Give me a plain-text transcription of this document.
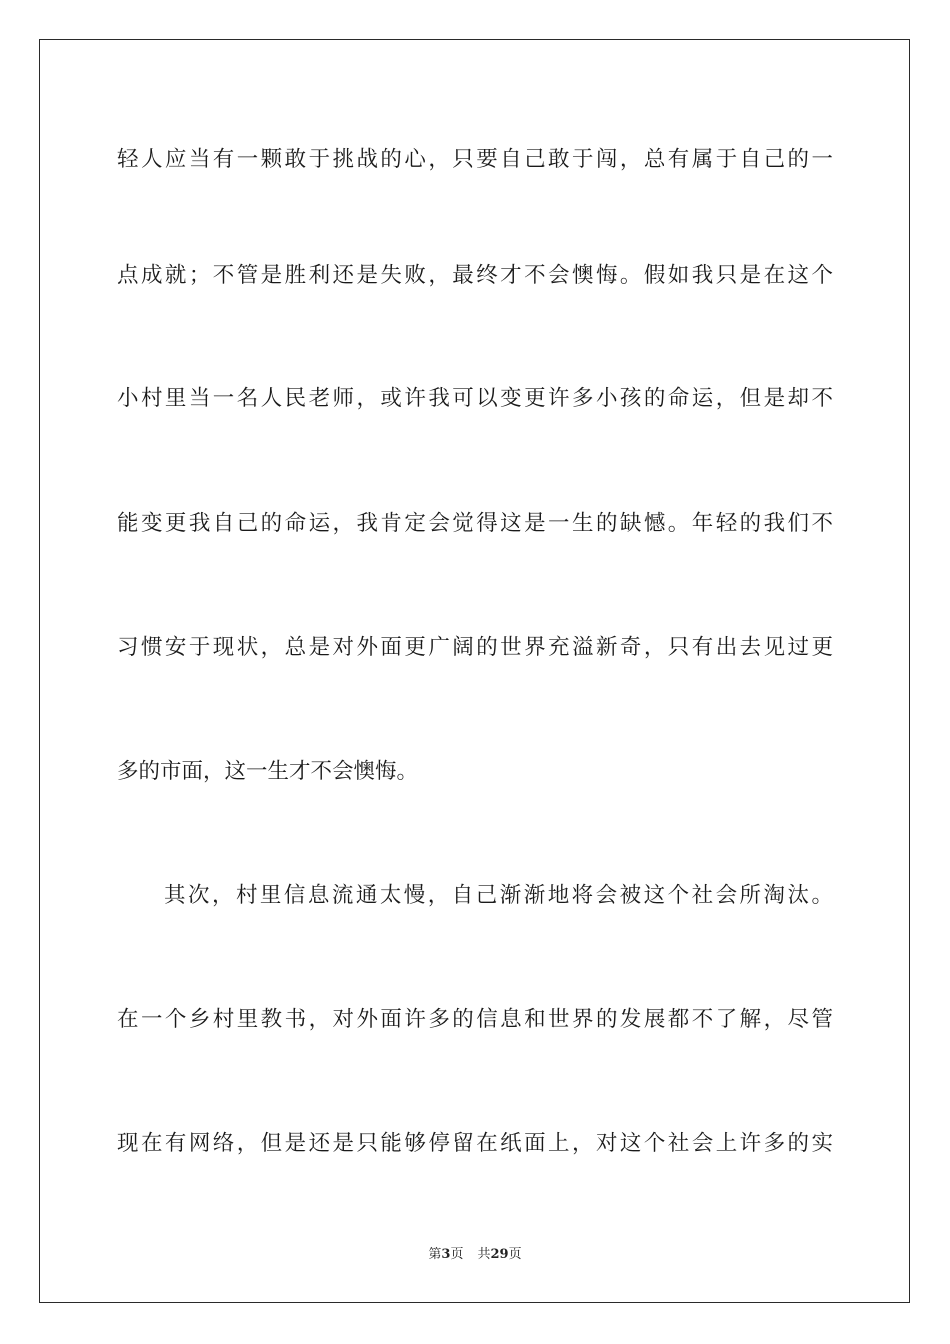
轻人应当有一颗敢于挑战的心，只要自己敢于闯，总有属于自己的一
点成就；不管是胜利还是失败，最终才不会懊悔。假如我只是在这个
小村里当一名人民老师，或许我可以变更许多小孩的命运，但是却不
能变更我自己的命运，我肯定会觉得这是一生的缺憾。年轻的我们不
习惯安于现状，总是对外面更广阔的世界充溢新奇，只有出去见过更
多的市面，这一生才不会懊悔。
其次，村里信息流通太慢，自己渐渐地将会被这个社会所淘汰。
在一个乡村里教书，对外面许多的信息和世界的发展都不了解，尽管
现在有网络，但是还是只能够停留在纸面上，对这个社会上许多的实
第3页 共29页
